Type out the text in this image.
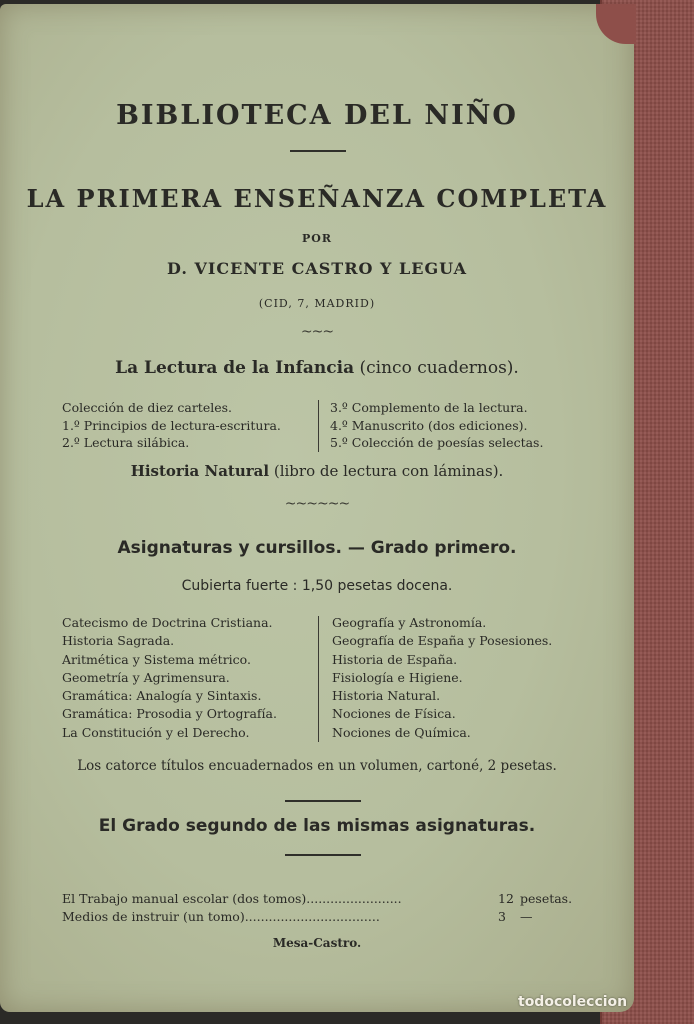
BIBLIOTECA DEL NIÑO
LA PRIMERA ENSEÑANZA COMPLETA
POR
D. VICENTE CASTRO Y LEGUA
(CID, 7, MADRID)
~~~
La Lectura de la Infancia (cinco cuadernos).
Colección de diez carteles.
1.º Principios de lectura-escritura.
2.º Lectura silábica.
3.º Complemento de la lectura.
4.º Manuscrito (dos ediciones).
5.º Colección de poesías selectas.
Historia Natural (libro de lectura con láminas).
~~~~~~
Asignaturas y cursillos. — Grado primero.
Cubierta fuerte : 1,50 pesetas docena.
Catecismo de Doctrina Cristiana.
Historia Sagrada.
Aritmética y Sistema métrico.
Geometría y Agrimensura.
Gramática: Analogía y Sintaxis.
Gramática: Prosodia y Ortografía.
La Constitución y el Derecho.
Geografía y Astronomía.
Geografía de España y Posesiones.
Historia de España.
Fisiología e Higiene.
Historia Natural.
Nociones de Física.
Nociones de Química.
Los catorce títulos encuadernados en un volumen, cartoné, 2 pesetas.
El Grado segundo de las mismas asignaturas.
El Trabajo manual escolar (dos tomos)........................	12 pesetas.
Medios de instruir (un tomo)..................................	3 —
Mesa-Castro.
todocoleccion
